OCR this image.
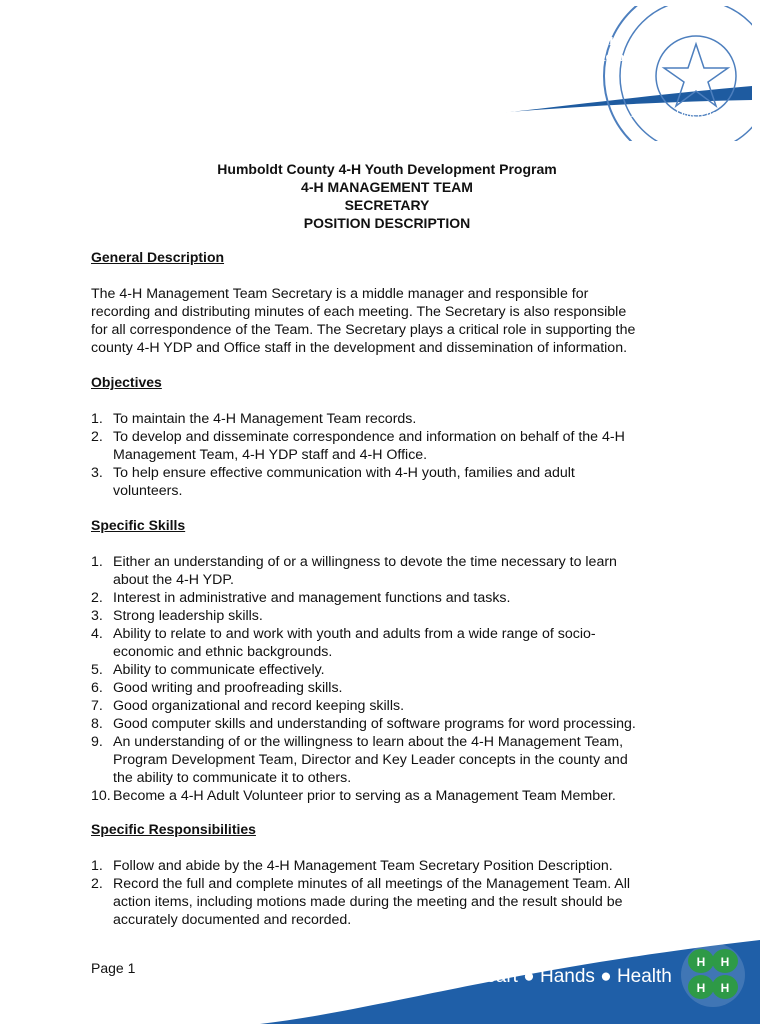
4-H Management Team
Secretary
Position Description
7/2015
University of California
Agriculture and Natural Resources
Making a Difference
for California
Humboldt County 4-H Youth Development Program
4-H MANAGEMENT TEAM
SECRETARY
POSITION DESCRIPTION
General Description
The 4-H Management Team Secretary is a middle manager and responsible for
recording and distributing minutes of each meeting. The Secretary is also responsible
for all correspondence of the Team. The Secretary plays a critical role in supporting the
county 4-H YDP and Office staff in the development and dissemination of information.
Objectives
1. To maintain the 4-H Management Team records.
2. To develop and disseminate correspondence and information on behalf of the 4-H
Management Team, 4-H YDP staff and 4-H Office.
3. To help ensure effective communication with 4-H youth, families and adult
volunteers.
Specific Skills
1. Either an understanding of or a willingness to devote the time necessary to learn
about the 4-H YDP.
2. Interest in administrative and management functions and tasks.
3. Strong leadership skills.
4. Ability to relate to and work with youth and adults from a wide range of socio-
economic and ethnic backgrounds.
5. Ability to communicate effectively.
6. Good writing and proofreading skills.
7. Good organizational and record keeping skills.
8. Good computer skills and understanding of software programs for word processing.
9. An understanding of or the willingness to learn about the 4-H Management Team,
Program Development Team, Director and Key Leader concepts in the county and
the ability to communicate it to others.
10. Become a 4-H Adult Volunteer prior to serving as a Management Team Member.
Specific Responsibilities
1. Follow and abide by the 4-H Management Team Secretary Position Description.
2. Record the full and complete minutes of all meetings of the Management Team. All
action items, including motions made during the meeting and the result should be
accurately documented and recorded.
Page 1	Head ● Heart ● Hands ● Health
H H
H H
